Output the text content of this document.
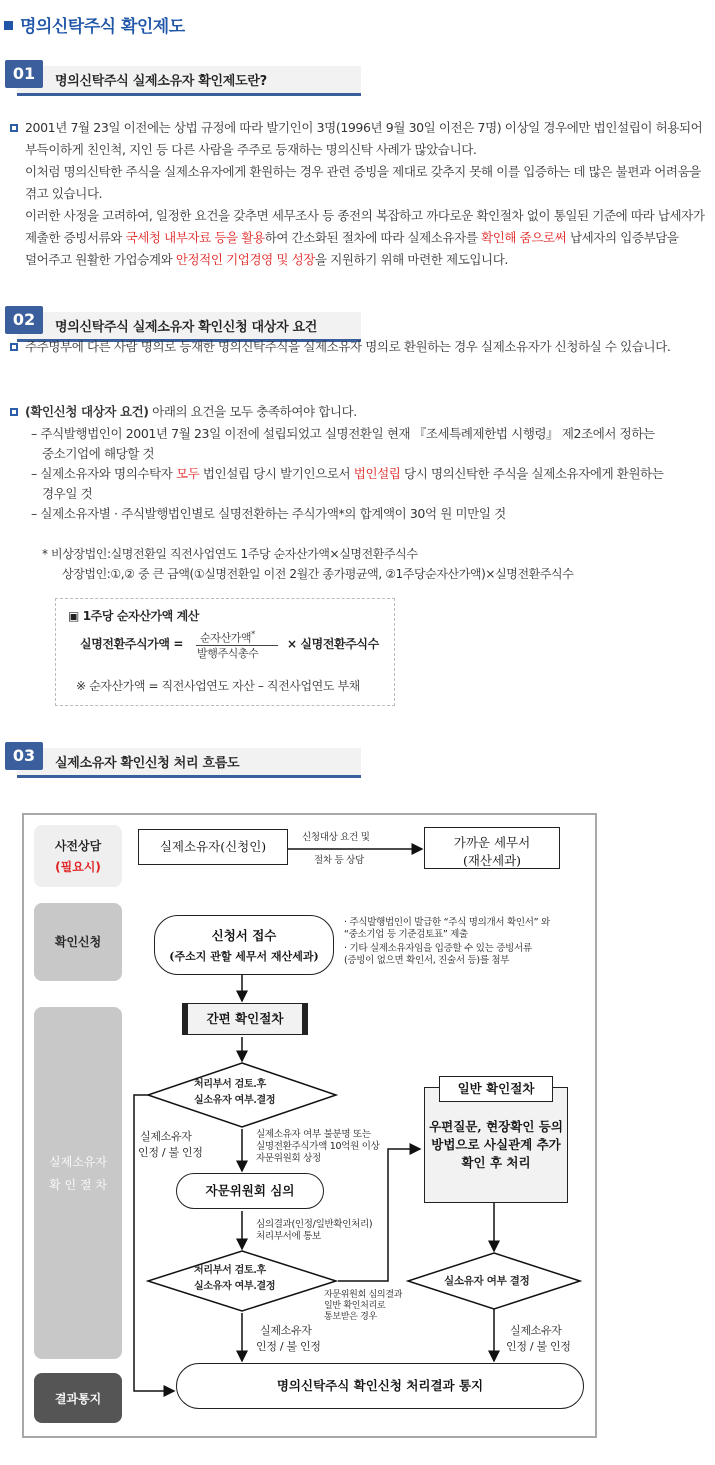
명의신탁주식 확인제도
01	명의신탁주식 실제소유자 확인제도란?
2001년 7월 23일 이전에는 상법 규정에 따라 발기인이 3명(1996년 9월 30일 이전은 7명) 이상일 경우에만 법인설립이 허용되어
부득이하게 친인척, 지인 등 다른 사람을 주주로 등재하는 명의신탁 사례가 많았습니다.
이처럼 명의신탁한 주식을 실제소유자에게 환원하는 경우 관련 증빙을 제대로 갖추지 못해 이를 입증하는 데 많은 불편과 어려움을
겪고 있습니다.
이러한 사정을 고려하여, 일정한 요건을 갖추면 세무조사 등 종전의 복잡하고 까다로운 확인절차 없이 통일된 기준에 따라 납세자가
제출한 증빙서류와 국세청 내부자료 등을 활용하여 간소화된 절차에 따라 실제소유자를 확인해 줌으로써 납세자의 입증부담을
덜어주고 원활한 가업승계와 안정적인 기업경영 및 성장을 지원하기 위해 마련한 제도입니다.
02	명의신탁주식 실제소유자 확인신청 대상자 요건
주주명부에 다른 사람 명의로 등재한 명의신탁주식을 실제소유자 명의로 환원하는 경우 실제소유자가 신청하실 수 있습니다.
(확인신청 대상자 요건) 아래의 요건을 모두 충족하여야 합니다.
– 주식발행법인이 2001년 7월 23일 이전에 설립되었고 실명전환일 현재 『조세특례제한법 시행령』 제2조에서 정하는
중소기업에 해당할 것
– 실제소유자와 명의수탁자 모두 법인설립 당시 발기인으로서 법인설립 당시 명의신탁한 주식을 실제소유자에게 환원하는
경우일 것
– 실제소유자별 · 주식발행법인별로 실명전환하는 주식가액*의 합계액이 30억 원 미만일 것
* 비상장법인:실명전환일 직전사업연도 1주당 순자산가액×실명전환주식수
상장법인:①,② 중 큰 금액(①실명전환일 이전 2월간 종가평균액, ②1주당순자산가액)×실명전환주식수
▣ 1주당 순자산가액 계산
실명전환주식가액 = 순자산가액*
발행주식총수
× 실명전환주식수
※ 순자산가액 = 직전사업연도 자산 – 직전사업연도 부채
03	실제소유자 확인신청 처리 흐름도
사전상담
(필요시)
확인신청
실제소유자
확 인 절 차
결과통지
실제소유자(신청인)
신청대상 요건 및
절차 등 상담
가까운 세무서
(재산세과)
신청서 접수
(주소지 관할 세무서 재산세과)
· 주식발행법인이 발급한 “주식 명의개서 확인서” 와
“중소기업 등 기준검토표” 제출
· 기타 실제소유자임을 입증할 수 있는 증빙서류
(증빙이 없으면 확인서, 진술서 등)를 첨부
간편 확인절차
처리부서 검토.후
실소유자 여부.결정
실제소유자
인정 / 불 인정
실제소유자 여부 불분명 또는
실명전환주식가액 10억원 이상
자문위원회 상정
자문위원회 심의
심의결과(인정/일반확인처리)
처리부서에 통보
처리부서 검토.후
실소유자 여부.결정
자문위원회 심의결과
일반 확인처리로
통보받은 경우
실제소유자
인정 / 불 인정
일반 확인절차
우편질문, 현장확인 등의
방법으로 사실관계 추가
확인 후 처리
실소유자 여부 결정
실제소유자
인정 / 불 인정
명의신탁주식 확인신청 처리결과 통지
